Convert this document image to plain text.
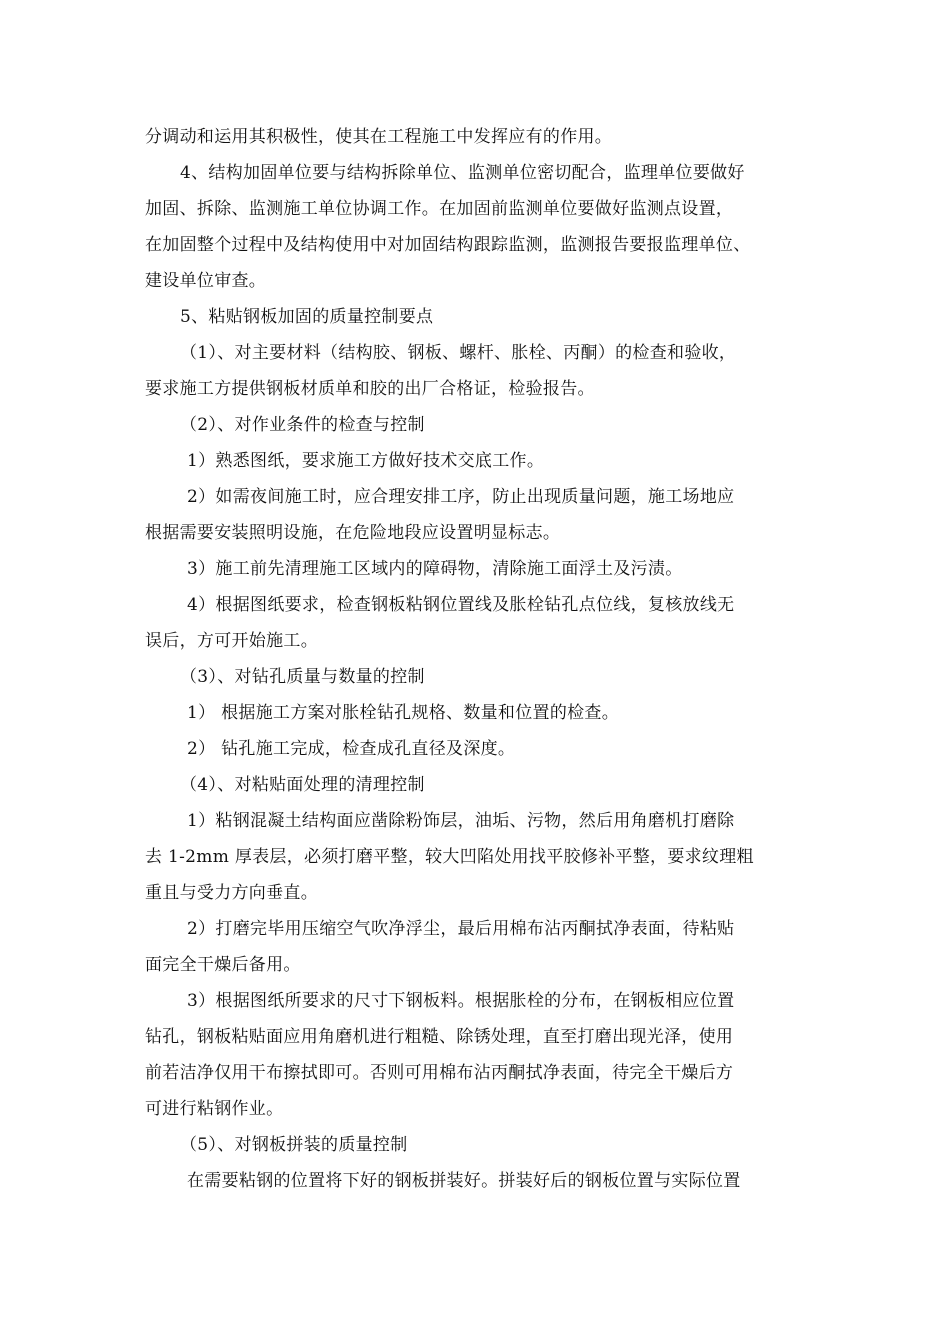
分调动和运用其积极性，使其在工程施工中发挥应有的作用。
4、结构加固单位要与结构拆除单位、监测单位密切配合，监理单位要做好
加固、拆除、监测施工单位协调工作。在加固前监测单位要做好监测点设置，
在加固整个过程中及结构使用中对加固结构跟踪监测，监测报告要报监理单位、
建设单位审查。
5、粘贴钢板加固的质量控制要点
（1）、对主要材料（结构胶、钢板、螺杆、胀栓、丙酮）的检查和验收，
要求施工方提供钢板材质单和胶的出厂合格证，检验报告。
（2）、对作业条件的检查与控制
1）熟悉图纸，要求施工方做好技术交底工作。
2）如需夜间施工时，应合理安排工序，防止出现质量问题，施工场地应
根据需要安装照明设施，在危险地段应设置明显标志。
3）施工前先清理施工区域内的障碍物，清除施工面浮土及污渍。
4）根据图纸要求，检查钢板粘钢位置线及胀栓钻孔点位线，复核放线无
误后，方可开始施工。
（3）、对钻孔质量与数量的控制
1） 根据施工方案对胀栓钻孔规格、数量和位置的检查。
2） 钻孔施工完成，检查成孔直径及深度。
（4）、对粘贴面处理的清理控制
1）粘钢混凝土结构面应凿除粉饰层，油垢、污物，然后用角磨机打磨除
去 1-2mm 厚表层，必须打磨平整，较大凹陷处用找平胶修补平整，要求纹理粗
重且与受力方向垂直。
2）打磨完毕用压缩空气吹净浮尘，最后用棉布沾丙酮拭净表面，待粘贴
面完全干燥后备用。
3）根据图纸所要求的尺寸下钢板料。根据胀栓的分布，在钢板相应位置
钻孔，钢板粘贴面应用角磨机进行粗糙、除锈处理，直至打磨出现光泽，使用
前若洁净仅用干布擦拭即可。否则可用棉布沾丙酮拭净表面，待完全干燥后方
可进行粘钢作业。
（5）、对钢板拼装的质量控制
在需要粘钢的位置将下好的钢板拼装好。拼装好后的钢板位置与实际位置
